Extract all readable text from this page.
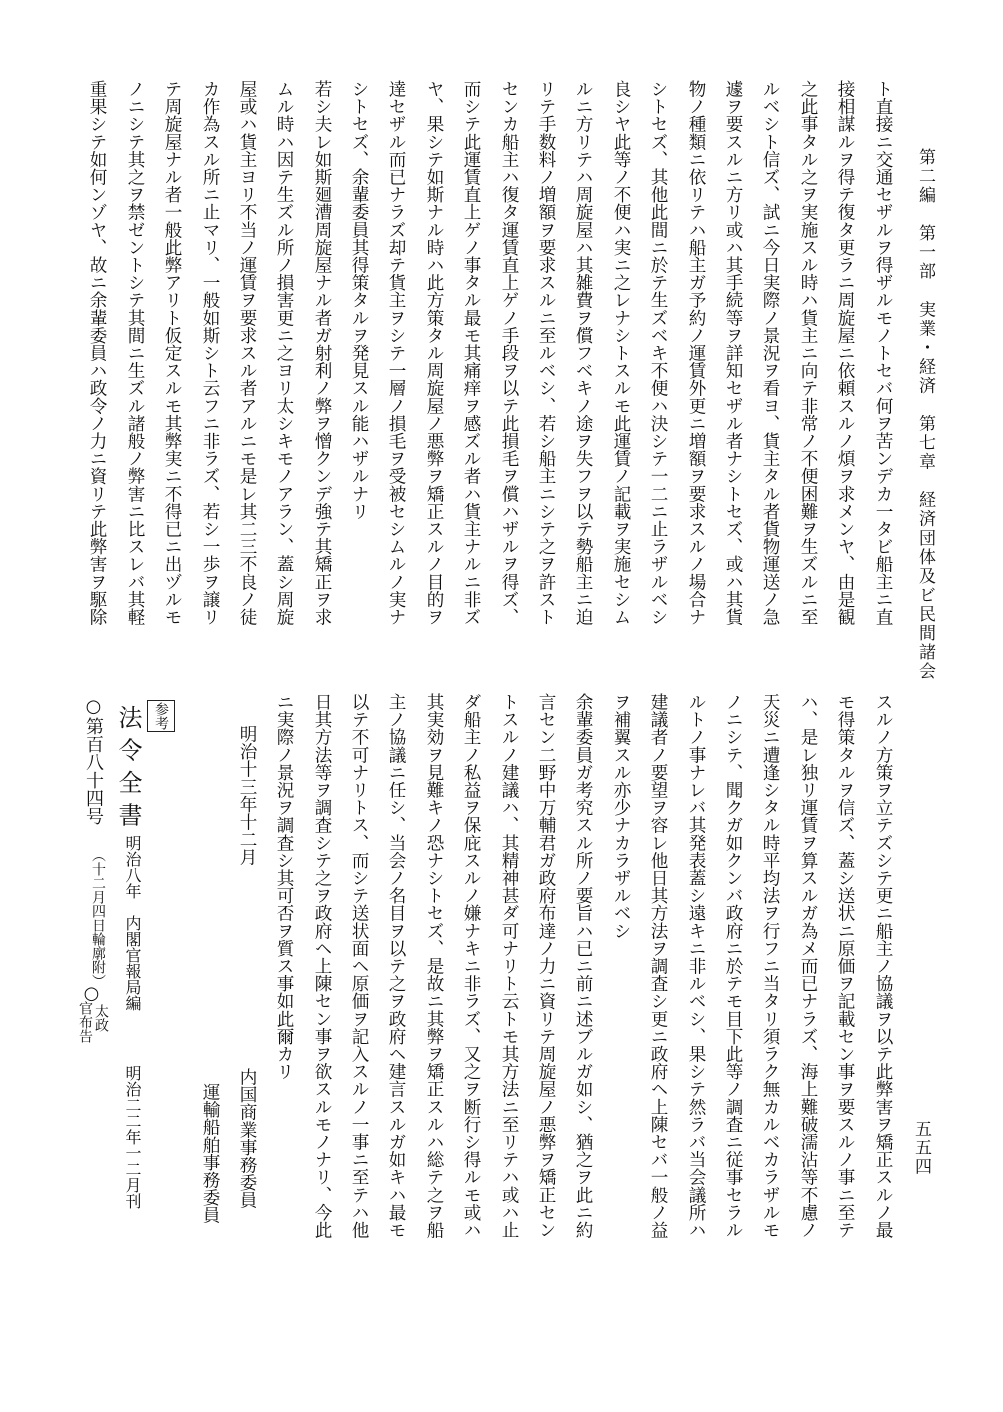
第二編　第一部　実業・経済　第七章　経済団体及ビ民間諸会
五五四
ト直接ニ交通セザルヲ得ザルモノトセバ何ヲ苦ンデカ一タビ船主ニ直
接相謀ルヲ得テ復タ更ラニ周旋屋ニ依頼スルノ煩ヲ求メンヤ、由是観
之此事タル之ヲ実施スル時ハ貨主ニ向テ非常ノ不便困難ヲ生ズルニ至
ルベシト信ズ、試ニ今日実際ノ景況ヲ看ヨ、貨主タル者貨物運送ノ急
遽ヲ要スルニ方リ或ハ其手続等ヲ詳知セザル者ナシトセズ、或ハ其貨
物ノ種類ニ依リテハ船主ガ予約ノ運賃外更ニ増額ヲ要求スルノ場合ナ
シトセズ、其他此間ニ於テ生ズベキ不便ハ決シテ一二ニ止ラザルベシ
良シヤ此等ノ不便ハ実ニ之レナシトスルモ此運賃ノ記載ヲ実施セシム
ルニ方リテハ周旋屋ハ其雑費ヲ償フベキノ途ヲ失フヲ以テ勢船主ニ迫
リテ手数料ノ増額ヲ要求スルニ至ルベシ、若シ船主ニシテ之ヲ許スト
センカ船主ハ復タ運賃直上ゲノ手段ヲ以テ此損毛ヲ償ハザルヲ得ズ、
而シテ此運賃直上ゲノ事タル最モ其痛痒ヲ感ズル者ハ貨主ナルニ非ズ
ヤ、果シテ如斯ナル時ハ此方策タル周旋屋ノ悪弊ヲ矯正スルノ目的ヲ
達セザル而已ナラズ却テ貨主ヲシテ一層ノ損毛ヲ受被セシムルノ実ナ
シトセズ、余輩委員其得策タルヲ発見スル能ハザルナリ
若シ夫レ如斯廻漕周旋屋ナル者ガ射利ノ弊ヲ憎クンデ強テ其矯正ヲ求
ムル時ハ因テ生ズル所ノ損害更ニ之ヨリ太シキモノアラン、蓋シ周旋
屋或ハ貨主ヨリ不当ノ運賃ヲ要求スル者アルニモ是レ其二三不良ノ徒
カ作為スル所ニ止マリ、一般如斯シト云フニ非ラズ、若シ一歩ヲ譲リ
テ周旋屋ナル者一般此弊アリト仮定スルモ其弊実ニ不得已ニ出ヅルモ
ノニシテ其之ヲ禁ゼントシテ其間ニ生ズル諸般ノ弊害ニ比スレバ其軽
重果シテ如何ンゾヤ、故ニ余輩委員ハ政令ノ力ニ資リテ此弊害ヲ駆除
スルノ方策ヲ立テズシテ更ニ船主ノ協議ヲ以テ此弊害ヲ矯正スルノ最
モ得策タルヲ信ズ、蓋シ送状ニ原価ヲ記載セン事ヲ要スルノ事ニ至テ
ハ、是レ独リ運賃ヲ算スルガ為メ而已ナラズ、海上難破濡沾等不慮ノ
天災ニ遭逢シタル時平均法ヲ行フニ当タリ須ラク無カルベカラザルモ
ノニシテ、聞クガ如クンバ政府ニ於テモ目下此等ノ調査ニ従事セラル
ルトノ事ナレバ其発表蓋シ遠キニ非ルベシ、果シテ然ラバ当会議所ハ
建議者ノ要望ヲ容レ他日其方法ヲ調査シ更ニ政府ヘ上陳セバ一般ノ益
ヲ補翼スル亦少ナカラザルベシ
余輩委員ガ考究スル所ノ要旨ハ已ニ前ニ述ブルガ如シ、猶之ヲ此ニ約
言セン二野中万輔君ガ政府布達ノ力ニ資リテ周旋屋ノ悪弊ヲ矯正セン
トスルノ建議ハ、其精神甚ダ可ナリト云トモ其方法ニ至リテハ或ハ止
ダ船主ノ私益ヲ保庇スルノ嫌ナキニ非ラズ、又之ヲ断行シ得ルモ或ハ
其実効ヲ見難キノ恐ナシトセズ、是故ニ其弊ヲ矯正スルハ総テ之ヲ船
主ノ協議ニ任シ、当会ノ名目ヲ以テ之ヲ政府ヘ建言スルガ如キハ最モ
以テ不可ナリトス、而シテ送状面ヘ原価ヲ記入スルノ一事ニ至テハ他
日其方法等ヲ調査シテ之ヲ政府ヘ上陳セン事ヲ欲スルモノナリ、今此
ニ実際ノ景況ヲ調査シ其可否ヲ質ス事如此爾カリ
明治十三年十二月
内国商業事務委員
運輸船舶事務委員
参考
法令全書
明治八年　内閣官報局編
明治二二年一二月刊
○第百八十四号
（十二月四日輪廓附）
○
太政
官布告
